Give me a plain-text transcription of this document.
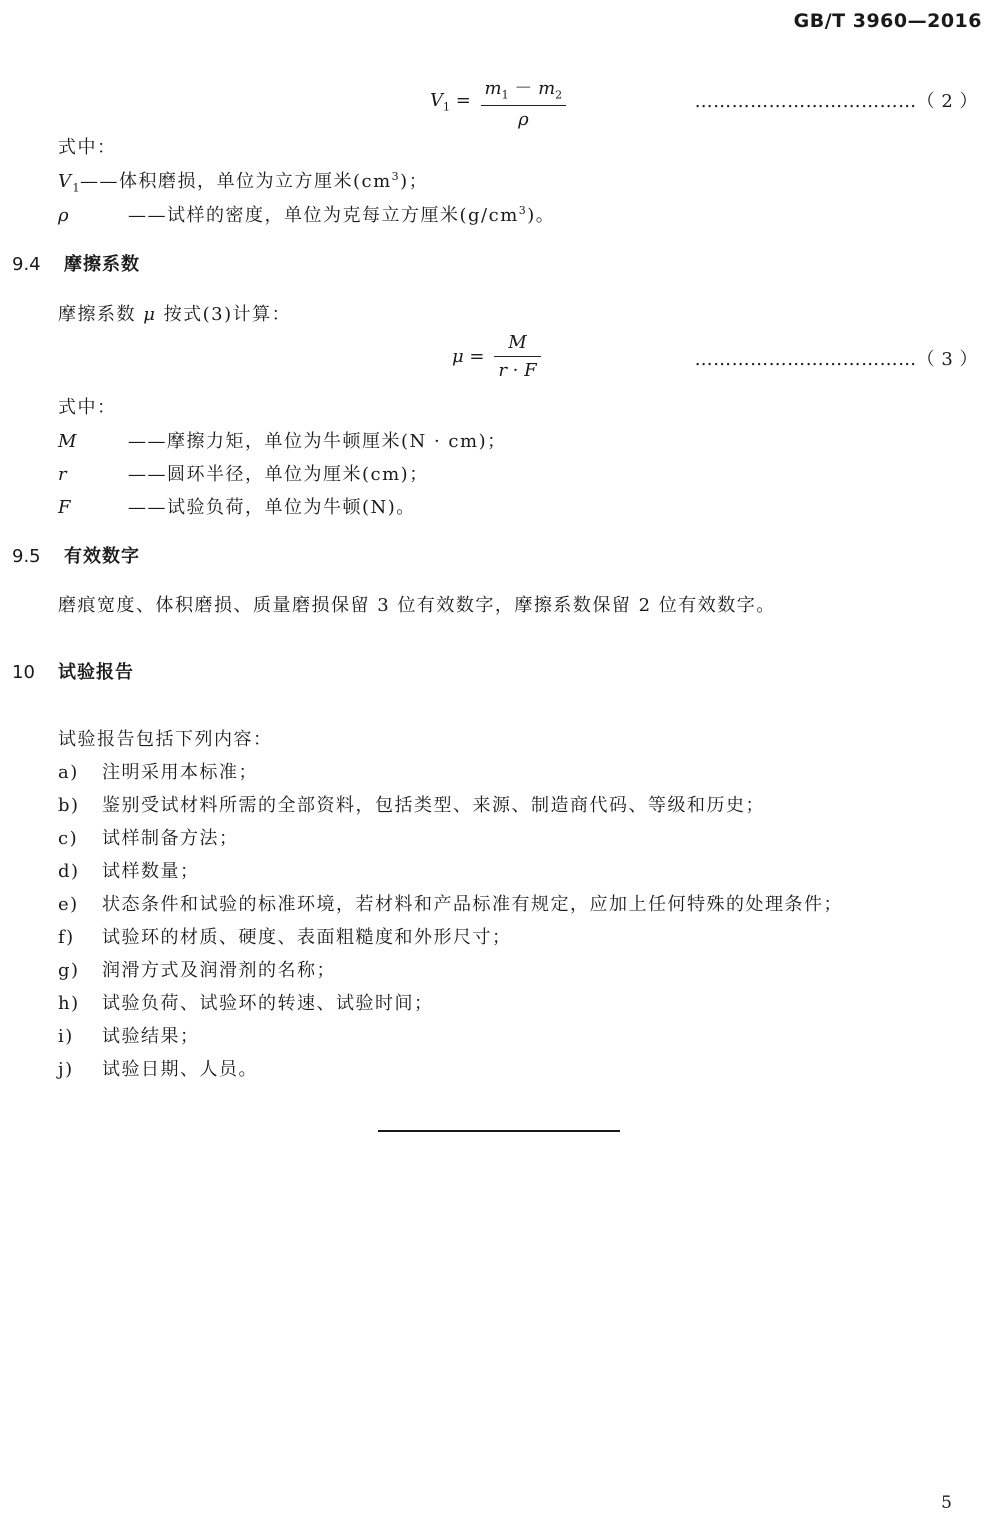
GB/T 3960—2016
$V_1 = \frac{m_1 - m_2}{\rho}$	………………………………（ 2 ）
式中：
$V_1——$体积磨损，单位为立方厘米$(cm^3)$；
ρ	——试样的密度，单位为克每立方厘米$(g/cm^3)$。
9.4 摩擦系数
摩擦系数 μ 按式(3)计算：
$\mu = \frac{M}{r \cdot F}$	………………………………（ 3 ）
式中：
M	——摩擦力矩，单位为牛顿厘米(N · cm)；
r	——圆环半径，单位为厘米(cm)；
F	——试验负荷，单位为牛顿(N)。
9.5 有效数字
磨痕宽度、体积磨损、质量磨损保留 3 位有效数字，摩擦系数保留 2 位有效数字。
10 试验报告
试验报告包括下列内容：
a) 注明采用本标准；
b) 鉴别受试材料所需的全部资料，包括类型、来源、制造商代码、等级和历史；
c) 试样制备方法；
d) 试样数量；
e) 状态条件和试验的标准环境，若材料和产品标准有规定，应加上任何特殊的处理条件；
f) 试验环的材质、硬度、表面粗糙度和外形尺寸；
g) 润滑方式及润滑剂的名称；
h) 试验负荷、试验环的转速、试验时间；
i) 试验结果；
j) 试验日期、人员。
5
